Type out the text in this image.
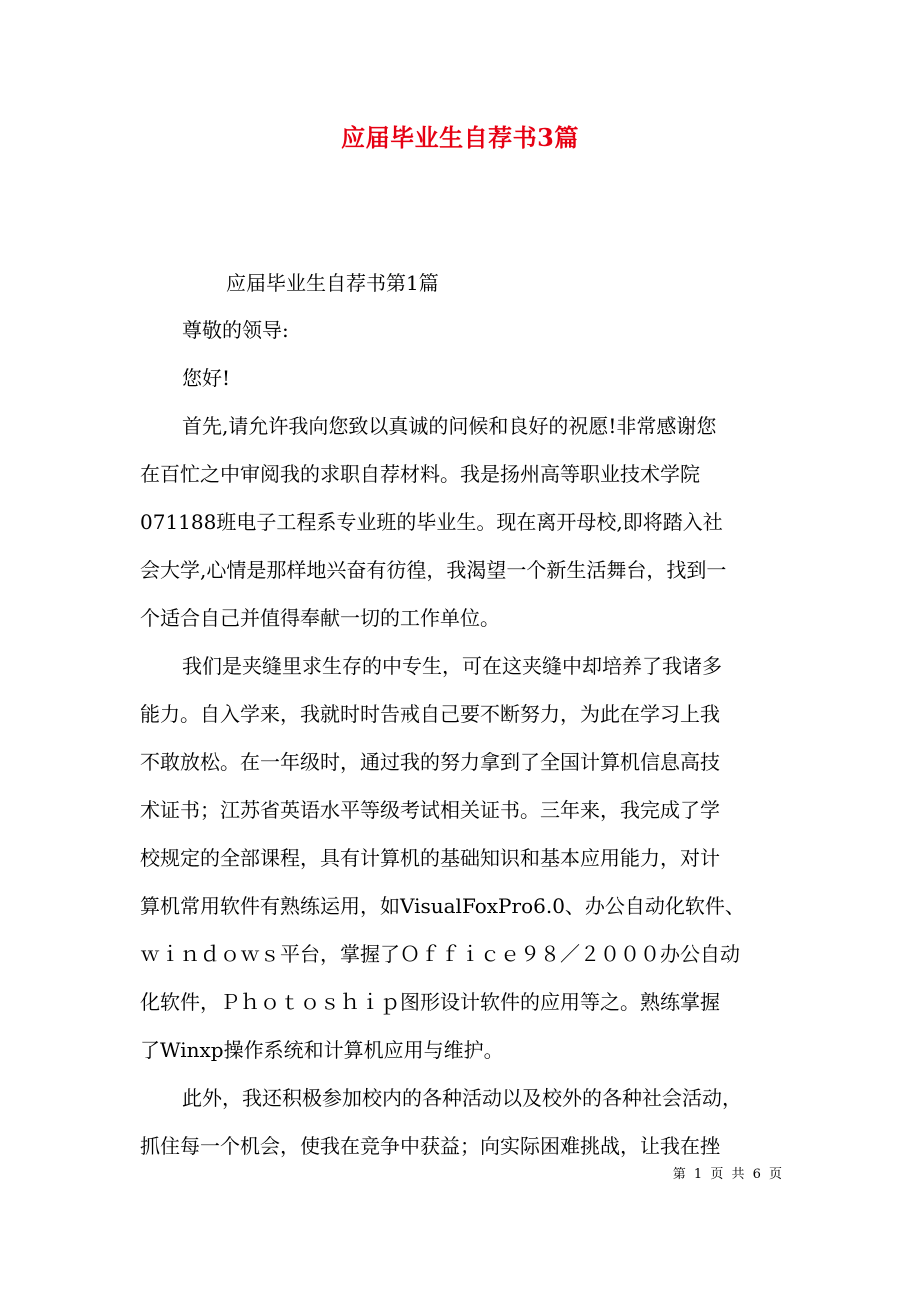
应届毕业生自荐书3篇
应届毕业生自荐书第1篇
尊敬的领导:
您好!
首先,请允许我向您致以真诚的问候和良好的祝愿!非常感谢您
在百忙之中审阅我的求职自荐材料。我是扬州高等职业技术学院
071188班电子工程系专业班的毕业生。现在离开母校,即将踏入社
会大学,心情是那样地兴奋有彷徨，我渴望一个新生活舞台，找到一
个适合自己并值得奉献一切的工作单位。
我们是夹缝里求生存的中专生，可在这夹缝中却培养了我诸多
能力。自入学来，我就时时告戒自己要不断努力，为此在学习上我
不敢放松。在一年级时，通过我的努力拿到了全国计算机信息高技
术证书；江苏省英语水平等级考试相关证书。三年来，我完成了学
校规定的全部课程，具有计算机的基础知识和基本应用能力，对计
算机常用软件有熟练运用，如VisualFoxPro6.0、办公自动化软件、
ｗｉｎｄｏｗｓ平台，掌握了Ｏｆｆｉｃｅ９８／２０００办公自动
化软件，Ｐｈｏｔｏｓｈｉｐ图形设计软件的应用等之。熟练掌握
了Winxp操作系统和计算机应用与维护。
此外，我还积极参加校内的各种活动以及校外的各种社会活动，
抓住每一个机会，使我在竞争中获益；向实际困难挑战，让我在挫
第 1 页 共 6 页
